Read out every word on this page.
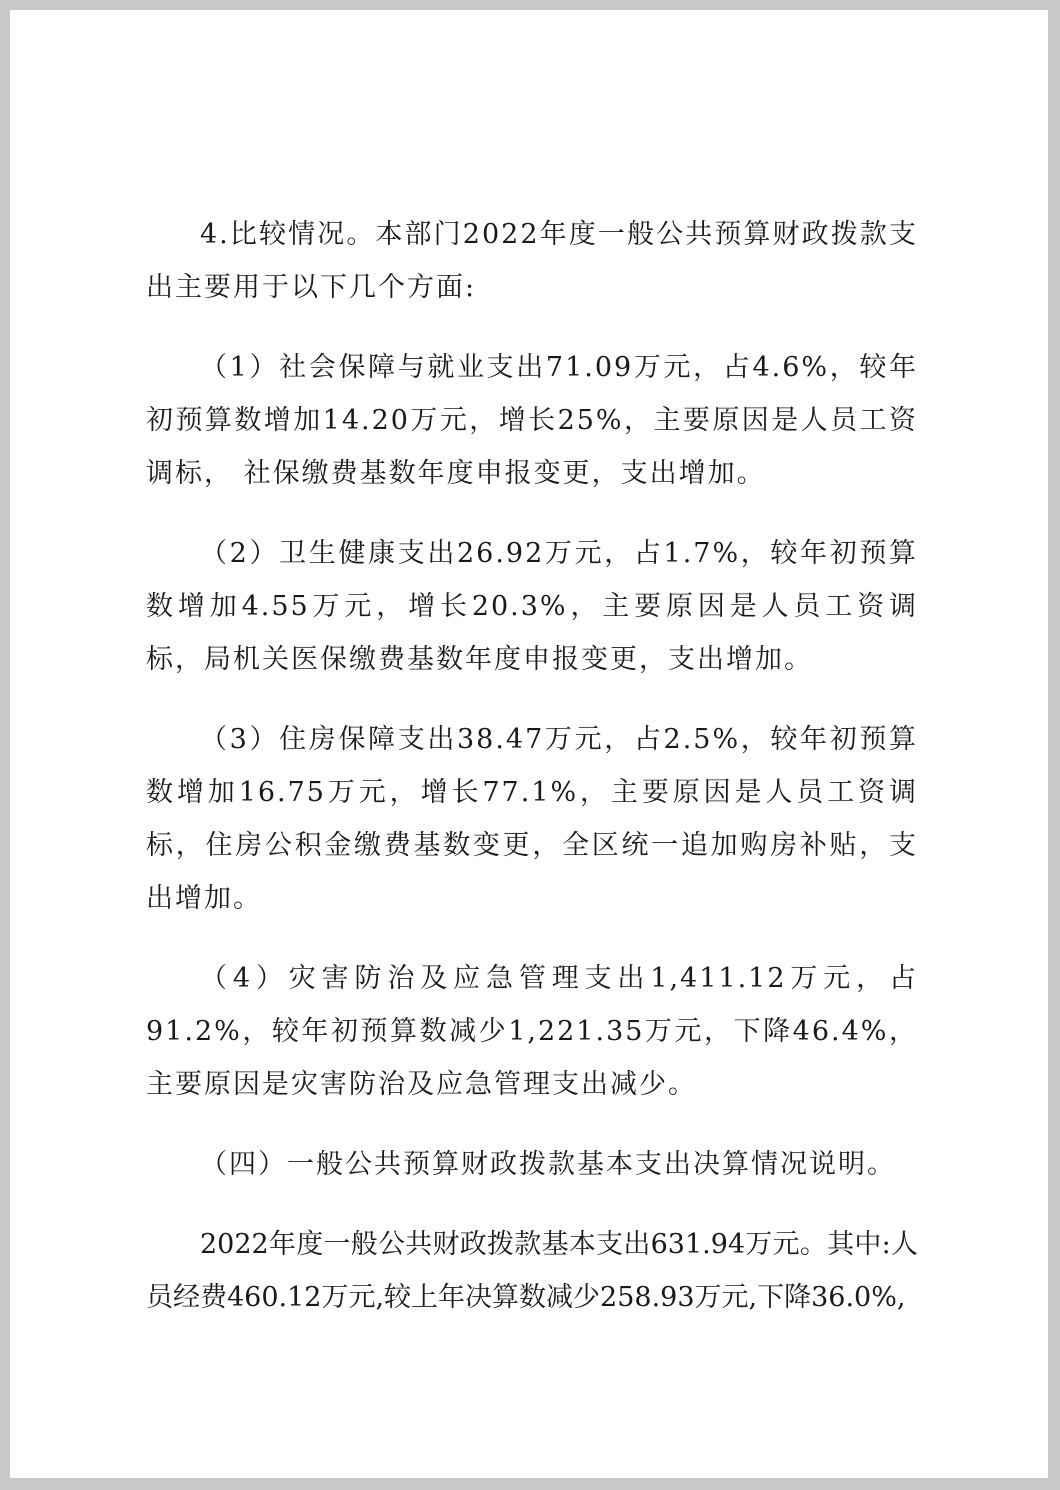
4.比较情况。本部门2022年度一般公共预算财政拨款支出主要用于以下几个方面:

（1）社会保障与就业支出71.09万元，占4.6%，较年初预算数增加14.20万元，增长25%，主要原因是人员工资调标， 社保缴费基数年度申报变更，支出增加。

（2）卫生健康支出26.92万元，占1.7%，较年初预算数增加4.55万元，增长20.3%，主要原因是人员工资调标，局机关医保缴费基数年度申报变更，支出增加。

（3）住房保障支出38.47万元，占2.5%，较年初预算数增加16.75万元，增长77.1%，主要原因是人员工资调标，住房公积金缴费基数变更，全区统一追加购房补贴，支出增加。

（4）灾害防治及应急管理支出1,411.12万元，占91.2%，较年初预算数减少1,221.35万元，下降46.4%，主要原因是灾害防治及应急管理支出减少。

（四）一般公共预算财政拨款基本支出决算情况说明。

2022年度一般公共财政拨款基本支出631.94万元。其中:人员经费460.12万元,较上年决算数减少258.93万元,下降36.0%,
